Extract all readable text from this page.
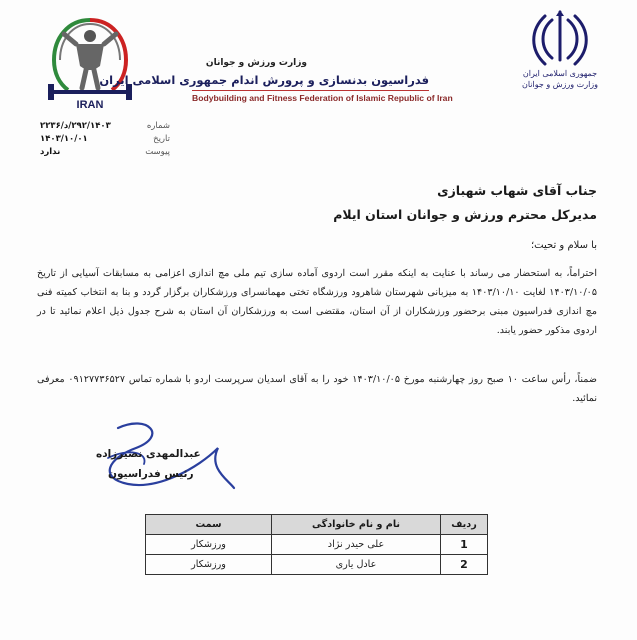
جمهوری اسلامی ایران
وزارت ورزش و جوانان
IRAN
وزارت ورزش و جوانان
فدراسیون بدنسازی و پرورش اندام جمهوری اسلامی ایران
Bodybuilding and Fitness Federation of Islamic Republic of Iran
شماره
۲۹۲/۱۴۰۳/د/۲۲۳۶
تاریخ
۱۴۰۳/۱۰/۰۱
پیوست
ندارد
جناب آقای شهاب شهبازی
مدیرکل محترم ورزش و جوانان استان ایلام
با سلام و تحیت؛
احتراماً، به استحضار می رساند با عنایت به اینکه مقرر است اردوی آماده سازی تیم ملی مچ اندازی اعزامی به مسابقات آسیایی از تاریخ ۱۴۰۳/۱۰/۰۵ لغایت ۱۴۰۳/۱۰/۱۰ به میزبانی شهرستان شاهرود ورزشگاه تختی مهمانسرای ورزشکاران برگزار گردد و بنا به انتخاب کمیته فنی مچ اندازی فدراسیون مبنی برحضور ورزشکاران از آن استان، مقتضی است به ورزشکاران آن استان به شرح جدول ذیل اعلام نمائید تا در اردوی مذکور حضور یابند.
ضمناً، رأس ساعت ۱۰ صبح روز چهارشنبه مورخ ۱۴۰۳/۱۰/۰۵ خود را به آقای اسدیان سرپرست اردو با شماره تماس ۰۹۱۲۷۷۳۶۵۲۷ معرفی نمائید.
عبدالمهدی نصیرزاده
رئیس فدراسیون
ردیف	نام و نام خانوادگی	سمت
1	علی حیدر نژاد	ورزشکار
2	عادل یاری	ورزشکار
